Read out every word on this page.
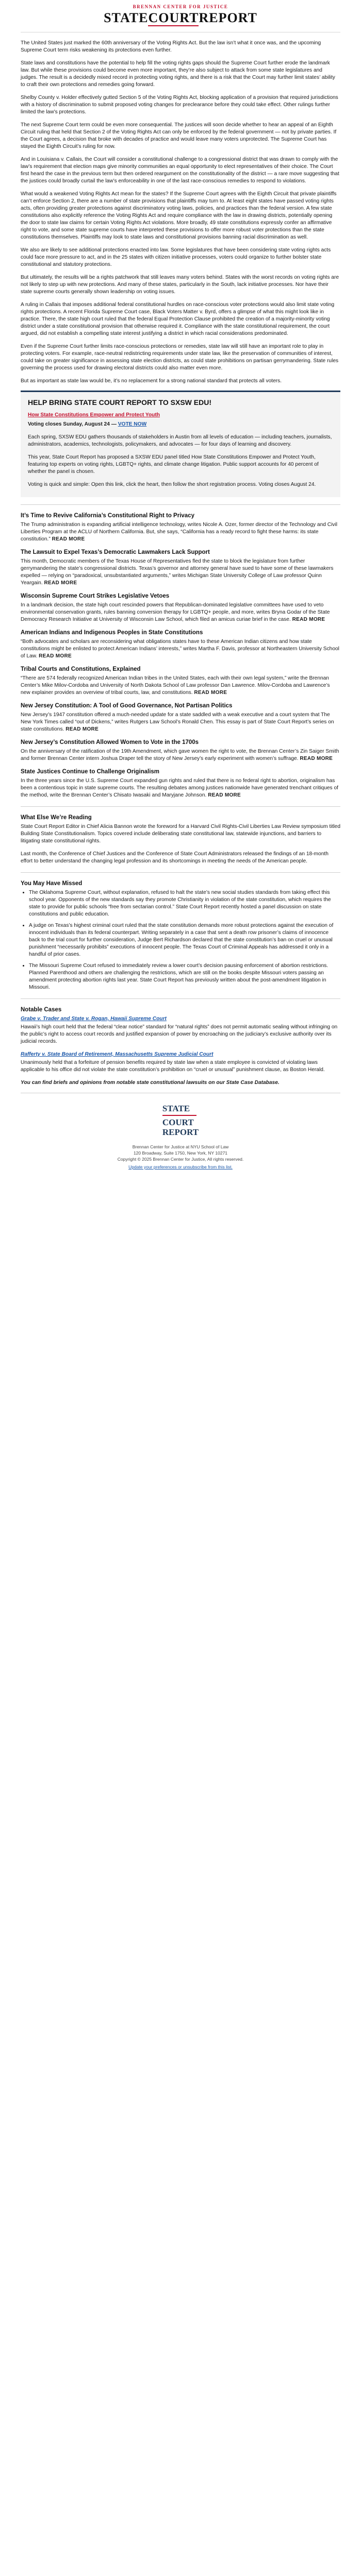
BRENNAN CENTER FOR JUSTICE
STATECOURTREPORT

The United States just marked the 60th anniversary of the Voting Rights Act. But the law isn’t what it once was, and the upcoming Supreme Court term risks weakening its protections even further.

State laws and constitutions have the potential to help fill the voting rights gaps should the Supreme Court further erode the landmark law. But while these provisions could become even more important, they’re also subject to attack from some state legislatures and judges. The result is a decidedly mixed record in protecting voting rights, and there is a risk that the Court may further limit states’ ability to craft their own protections and remedies going forward.

Shelby County v. Holder effectively gutted Section 5 of the Voting Rights Act, blocking application of a provision that required jurisdictions with a history of discrimination to submit proposed voting changes for preclearance before they could take effect. Other rulings further limited the law’s protections.

The next Supreme Court term could be even more consequential. The justices will soon decide whether to hear an appeal of an Eighth Circuit ruling that held that Section 2 of the Voting Rights Act can only be enforced by the federal government — not by private parties. If the Court agrees, a decision that broke with decades of practice and would leave many voters unprotected. The Supreme Court has stayed the Eighth Circuit’s ruling for now.

And in Louisiana v. Callais, the Court will consider a constitutional challenge to a congressional district that was drawn to comply with the law’s requirement that election maps give minority communities an equal opportunity to elect representatives of their choice. The Court first heard the case in the previous term but then ordered reargument on the constitutionality of the district — a rare move suggesting that the justices could broadly curtail the law’s enforceability in one of the last race-conscious remedies to respond to violations.

What would a weakened Voting Rights Act mean for the states? If the Supreme Court agrees with the Eighth Circuit that private plaintiffs can’t enforce Section 2, there are a number of state provisions that plaintiffs may turn to. At least eight states have passed voting rights acts, often providing greater protections against discriminatory voting laws, policies, and practices than the federal version. A few state constitutions also explicitly reference the Voting Rights Act and require compliance with the law in drawing districts, potentially opening the door to state law claims for certain Voting Rights Act violations. More broadly, 49 state constitutions expressly confer an affirmative right to vote, and some state supreme courts have interpreted these provisions to offer more robust voter protections than the state constitutions themselves. Plaintiffs may look to state laws and constitutional provisions banning racial discrimination as well.

We also are likely to see additional protections enacted into law. Some legislatures that have been considering state voting rights acts could face more pressure to act, and in the 25 states with citizen initiative processes, voters could organize to further bolster state constitutional and statutory protections.

But ultimately, the results will be a rights patchwork that still leaves many voters behind. States with the worst records on voting rights are not likely to step up with new protections. And many of these states, particularly in the South, lack initiative processes. Nor have their state supreme courts generally shown leadership on voting issues.

A ruling in Callais that imposes additional federal constitutional hurdles on race-conscious voter protections would also limit state voting rights protections. A recent Florida Supreme Court case, Black Voters Matter v. Byrd, offers a glimpse of what this might look like in practice. There, the state high court ruled that the federal Equal Protection Clause prohibited the creation of a majority-minority voting district under a state constitutional provision that otherwise required it. Compliance with the state constitutional requirement, the court argued, did not establish a compelling state interest justifying a district in which racial considerations predominated.

Even if the Supreme Court further limits race-conscious protections or remedies, state law will still have an important role to play in protecting voters. For example, race-neutral redistricting requirements under state law, like the preservation of communities of interest, could take on greater significance in assessing state election districts, as could state prohibitions on partisan gerrymandering. State rules governing the process used for drawing electoral districts could also matter even more.

But as important as state law would be, it’s no replacement for a strong national standard that protects all voters.

HELP BRING STATE COURT REPORT TO SXSW EDU!
How State Constitutions Empower and Protect Youth

Voting closes Sunday, August 24 — VOTE NOW

Each spring, SXSW EDU gathers thousands of stakeholders in Austin from all levels of education — including teachers, journalists, administrators, academics, technologists, policymakers, and advocates — for four days of learning and discovery.

This year, State Court Report has proposed a SXSW EDU panel titled How State Constitutions Empower and Protect Youth, featuring top experts on voting rights, LGBTQ+ rights, and climate change litigation. Public support accounts for 40 percent of whether the panel is chosen.

Voting is quick and simple: Open this link, click the heart, then follow the short registration process. Voting closes August 24.

It’s Time to Revive California’s Constitutional Right to Privacy

The Trump administration is expanding artificial intelligence technology, writes Nicole A. Ozer, former director of the Technology and Civil Liberties Program at the ACLU of Northern California. But, she says, “California has a ready record to fight these harms: its state constitution.” READ MORE

The Lawsuit to Expel Texas’s Democratic Lawmakers Lack Support

This month, Democratic members of the Texas House of Representatives fled the state to block the legislature from further gerrymandering the state’s congressional districts. Texas’s governor and attorney general have sued to have some of these lawmakers expelled — relying on “paradoxical, unsubstantiated arguments,” writes Michigan State University College of Law professor Quinn Yeargain. READ MORE

Wisconsin Supreme Court Strikes Legislative Vetoes

In a landmark decision, the state high court rescinded powers that Republican-dominated legislative committees have used to veto environmental conservation grants, rules banning conversion therapy for LGBTQ+ people, and more, writes Bryna Godar of the State Democracy Research Initiative at University of Wisconsin Law School, which filed an amicus curiae brief in the case. READ MORE

American Indians and Indigenous Peoples in State Constitutions

“Both advocates and scholars are reconsidering what obligations states have to these American Indian citizens and how state constitutions might be enlisted to protect American Indians’ interests,” writes Martha F. Davis, professor at Northeastern University School of Law. READ MORE

Tribal Courts and Constitutions, Explained

“There are 574 federally recognized American Indian tribes in the United States, each with their own legal system,” write the Brennan Center’s Mike Milov-Cordoba and University of North Dakota School of Law professor Dan Lawrence. Milov-Cordoba and Lawrence’s new explainer provides an overview of tribal courts, law, and constitutions. READ MORE

New Jersey Constitution: A Tool of Good Governance, Not Partisan Politics

New Jersey’s 1947 constitution offered a much-needed update for a state saddled with a weak executive and a court system that The New York Times called “out of Dickens,” writes Rutgers Law School’s Ronald Chen. This essay is part of State Court Report’s series on state constitutions. READ MORE

New Jersey’s Constitution Allowed Women to Vote in the 1700s

On the anniversary of the ratification of the 19th Amendment, which gave women the right to vote, the Brennan Center’s Zin Saiger Smith and former Brennan Center intern Joshua Draper tell the story of New Jersey’s early experiment with women’s suffrage. READ MORE

State Justices Continue to Challenge Originalism

In the three years since the U.S. Supreme Court expanded gun rights and ruled that there is no federal right to abortion, originalism has been a contentious topic in state supreme courts. The resulting debates among justices nationwide have generated trenchant critiques of the method, write the Brennan Center’s Chisato Iwasaki and Maryjane Johnson. READ MORE

What Else We’re Reading

State Court Report Editor in Chief Alicia Bannon wrote the foreword for a Harvard Civil Rights-Civil Liberties Law Review symposium titled Building State Constitutionalism. Topics covered include deliberating state constitutional law, statewide injunctions, and barriers to litigating state constitutional rights.

Last month, the Conference of Chief Justices and the Conference of State Court Administrators released the findings of an 18-month effort to better understand the changing legal profession and its shortcomings in meeting the needs of the American people.

You May Have Missed
• The Oklahoma Supreme Court, without explanation, refused to halt the state’s new social studies standards from taking effect this school year. Opponents of the new standards say they promote Christianity in violation of the state constitution, which requires the state to provide for public schools “free from sectarian control.” State Court Report recently hosted a panel discussion on state constitutions and public education.
• A judge on Texas’s highest criminal court ruled that the state constitution demands more robust protections against the execution of innocent individuals than its federal counterpart. Writing separately in a case that sent a death row prisoner’s claims of innocence back to the trial court for further consideration, Judge Bert Richardson declared that the state constitution’s ban on cruel or unusual punishment “necessarily prohibits” executions of innocent people. The Texas Court of Criminal Appeals has addressed it only in a handful of prior cases.
• The Missouri Supreme Court refused to immediately review a lower court’s decision pausing enforcement of abortion restrictions. Planned Parenthood and others are challenging the restrictions, which are still on the books despite Missouri voters passing an amendment protecting abortion rights last year. State Court Report has previously written about the post-amendment litigation in Missouri.
Notable Cases

Grabe v. Trader and State v. Rogan, Hawaii Supreme Court

Hawaii’s high court held that the federal “clear notice” standard for “natural rights” does not permit automatic sealing without infringing on the public’s right to access court records and justified expansion of power by encroaching on the judiciary’s exclusive authority over its judicial records.

Rafferty v. State Board of Retirement, Massachusetts Supreme Judicial Court

Unanimously held that a forfeiture of pension benefits required by state law when a state employee is convicted of violating laws applicable to his office did not violate the state constitution’s prohibition on “cruel or unusual” punishment clause, as Boston Herald.

You can find briefs and opinions from notable state constitutional lawsuits on our State Case Database.

STATE
COURT
REPORT
Brennan Center for Justice at NYU School of Law
120 Broadway, Suite 1750, New York, NY 10271
Copyright © 2025 Brennan Center for Justice, All rights reserved.
Update your preferences or unsubscribe from this list.
